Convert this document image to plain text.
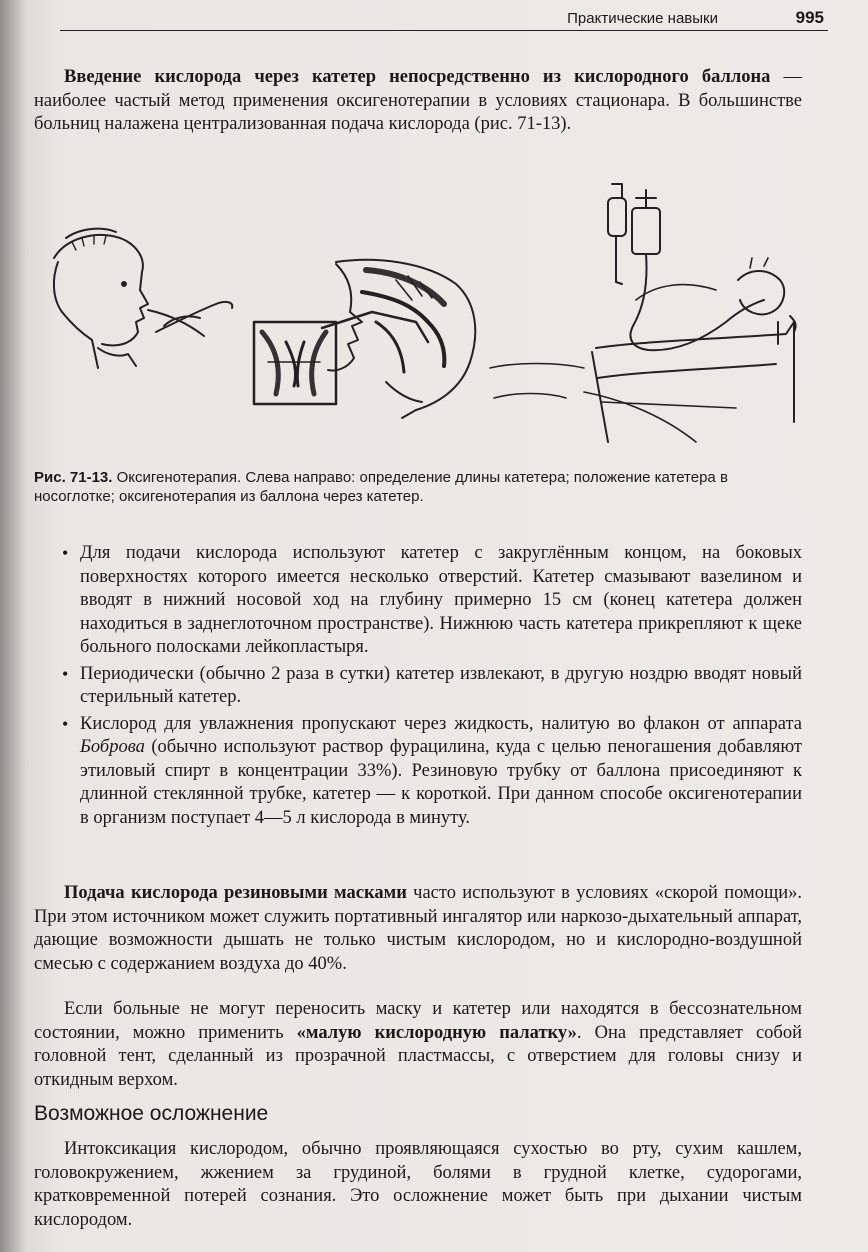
Практические навыки	995
Введение кислорода через катетер непосредственно из кислородного баллона — наиболее частый метод применения оксигенотерапии в условиях стационара. В большинстве больниц налажена централизованная подача кислорода (рис. 71-13).
Рис. 71-13. Оксигенотерапия. Слева направо: определение длины катетера; положение катетера в носоглотке; оксигенотерапия из баллона через катетер.
• Для подачи кислорода используют катетер с закруглённым концом, на боковых поверхностях которого имеется несколько отверстий. Катетер смазывают вазелином и вводят в нижний носовой ход на глубину примерно 15 см (конец катетера должен находиться в заднеглоточном пространстве). Нижнюю часть катетера прикрепляют к щеке больного полосками лейкопластыря.
• Периодически (обычно 2 раза в сутки) катетер извлекают, в другую ноздрю вводят новый стерильный катетер.
• Кислород для увлажнения пропускают через жидкость, налитую во флакон от аппарата Боброва (обычно используют раствор фурацилина, куда с целью пеногашения добавляют этиловый спирт в концентрации 33%). Резиновую трубку от баллона присоединяют к длинной стеклянной трубке, катетер — к короткой. При данном способе оксигенотерапии в организм поступает 4—5 л кислорода в минуту.
Подача кислорода резиновыми масками часто используют в условиях «скорой помощи». При этом источником может служить портативный ингалятор или наркозо-дыхательный аппарат, дающие возможности дышать не только чистым кислородом, но и кислородно-воздушной смесью с содержанием воздуха до 40%.
Если больные не могут переносить маску и катетер или находятся в бессознательном состоянии, можно применить «малую кислородную палатку». Она представляет собой головной тент, сделанный из прозрачной пластмассы, с отверстием для головы снизу и откидным верхом.
Возможное осложнение
Интоксикация кислородом, обычно проявляющаяся сухостью во рту, сухим кашлем, головокружением, жжением за грудиной, болями в грудной клетке, судорогами, кратковременной потерей сознания. Это осложнение может быть при дыхании чистым кислородом.
